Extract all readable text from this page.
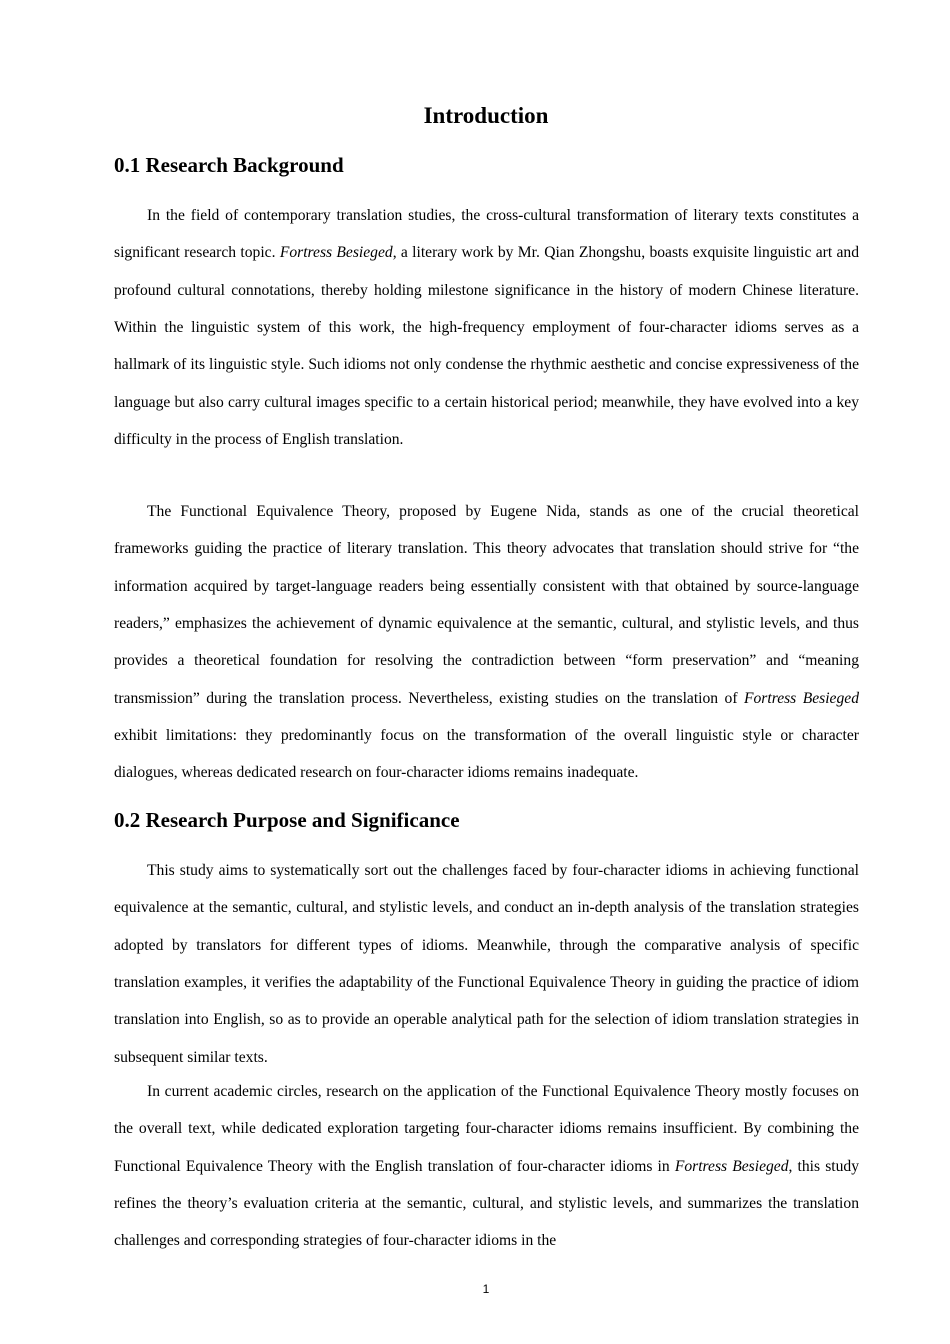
Introduction
0.1 Research Background

In the field of contemporary translation studies, the cross-cultural transformation of literary texts constitutes a significant research topic. Fortress Besieged, a literary work by Mr. Qian Zhongshu, boasts exquisite linguistic art and profound cultural connotations, thereby holding milestone significance in the history of modern Chinese literature. Within the linguistic system of this work, the high-frequency employment of four-character idioms serves as a hallmark of its linguistic style. Such idioms not only condense the rhythmic aesthetic and concise expressiveness of the language but also carry cultural images specific to a certain historical period; meanwhile, they have evolved into a key difficulty in the process of English translation.

The Functional Equivalence Theory, proposed by Eugene Nida, stands as one of the crucial theoretical frameworks guiding the practice of literary translation. This theory advocates that translation should strive for “the information acquired by target-language readers being essentially consistent with that obtained by source-language readers,” emphasizes the achievement of dynamic equivalence at the semantic, cultural, and stylistic levels, and thus provides a theoretical foundation for resolving the contradiction between “form preservation” and “meaning transmission” during the translation process. Nevertheless, existing studies on the translation of Fortress Besieged exhibit limitations: they predominantly focus on the transformation of the overall linguistic style or character dialogues, whereas dedicated research on four-character idioms remains inadequate.

0.2 Research Purpose and Significance

This study aims to systematically sort out the challenges faced by four-character idioms in achieving functional equivalence at the semantic, cultural, and stylistic levels, and conduct an in-depth analysis of the translation strategies adopted by translators for different types of idioms. Meanwhile, through the comparative analysis of specific translation examples, it verifies the adaptability of the Functional Equivalence Theory in guiding the practice of idiom translation into English, so as to provide an operable analytical path for the selection of idiom translation strategies in subsequent similar texts.

In current academic circles, research on the application of the Functional Equivalence Theory mostly focuses on the overall text, while dedicated exploration targeting four-character idioms remains insufficient. By combining the Functional Equivalence Theory with the English translation of four-character idioms in Fortress Besieged, this study refines the theory’s evaluation criteria at the semantic, cultural, and stylistic levels, and summarizes the translation challenges and corresponding strategies of four-character idioms in the

1
